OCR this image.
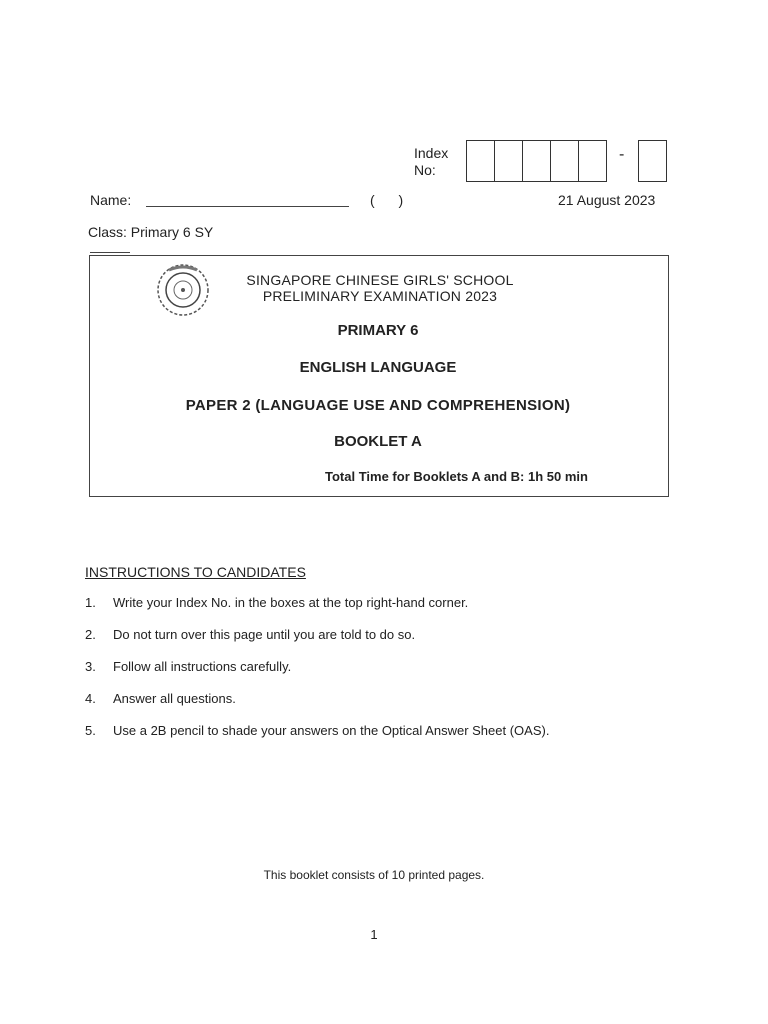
Index
No:
-
Name:	( )	21 August 2023
Class: Primary 6 SY
SINGAPORE CHINESE GIRLS' SCHOOL
PRELIMINARY EXAMINATION 2023
PRIMARY 6
ENGLISH LANGUAGE
PAPER 2 (LANGUAGE USE AND COMPREHENSION)
BOOKLET A
Total Time for Booklets A and B: 1h 50 min
INSTRUCTIONS TO CANDIDATES
1.	Write your Index No. in the boxes at the top right-hand corner.
2.	Do not turn over this page until you are told to do so.
3.	Follow all instructions carefully.
4.	Answer all questions.
5.	Use a 2B pencil to shade your answers on the Optical Answer Sheet (OAS).
This booklet consists of 10 printed pages.
1
